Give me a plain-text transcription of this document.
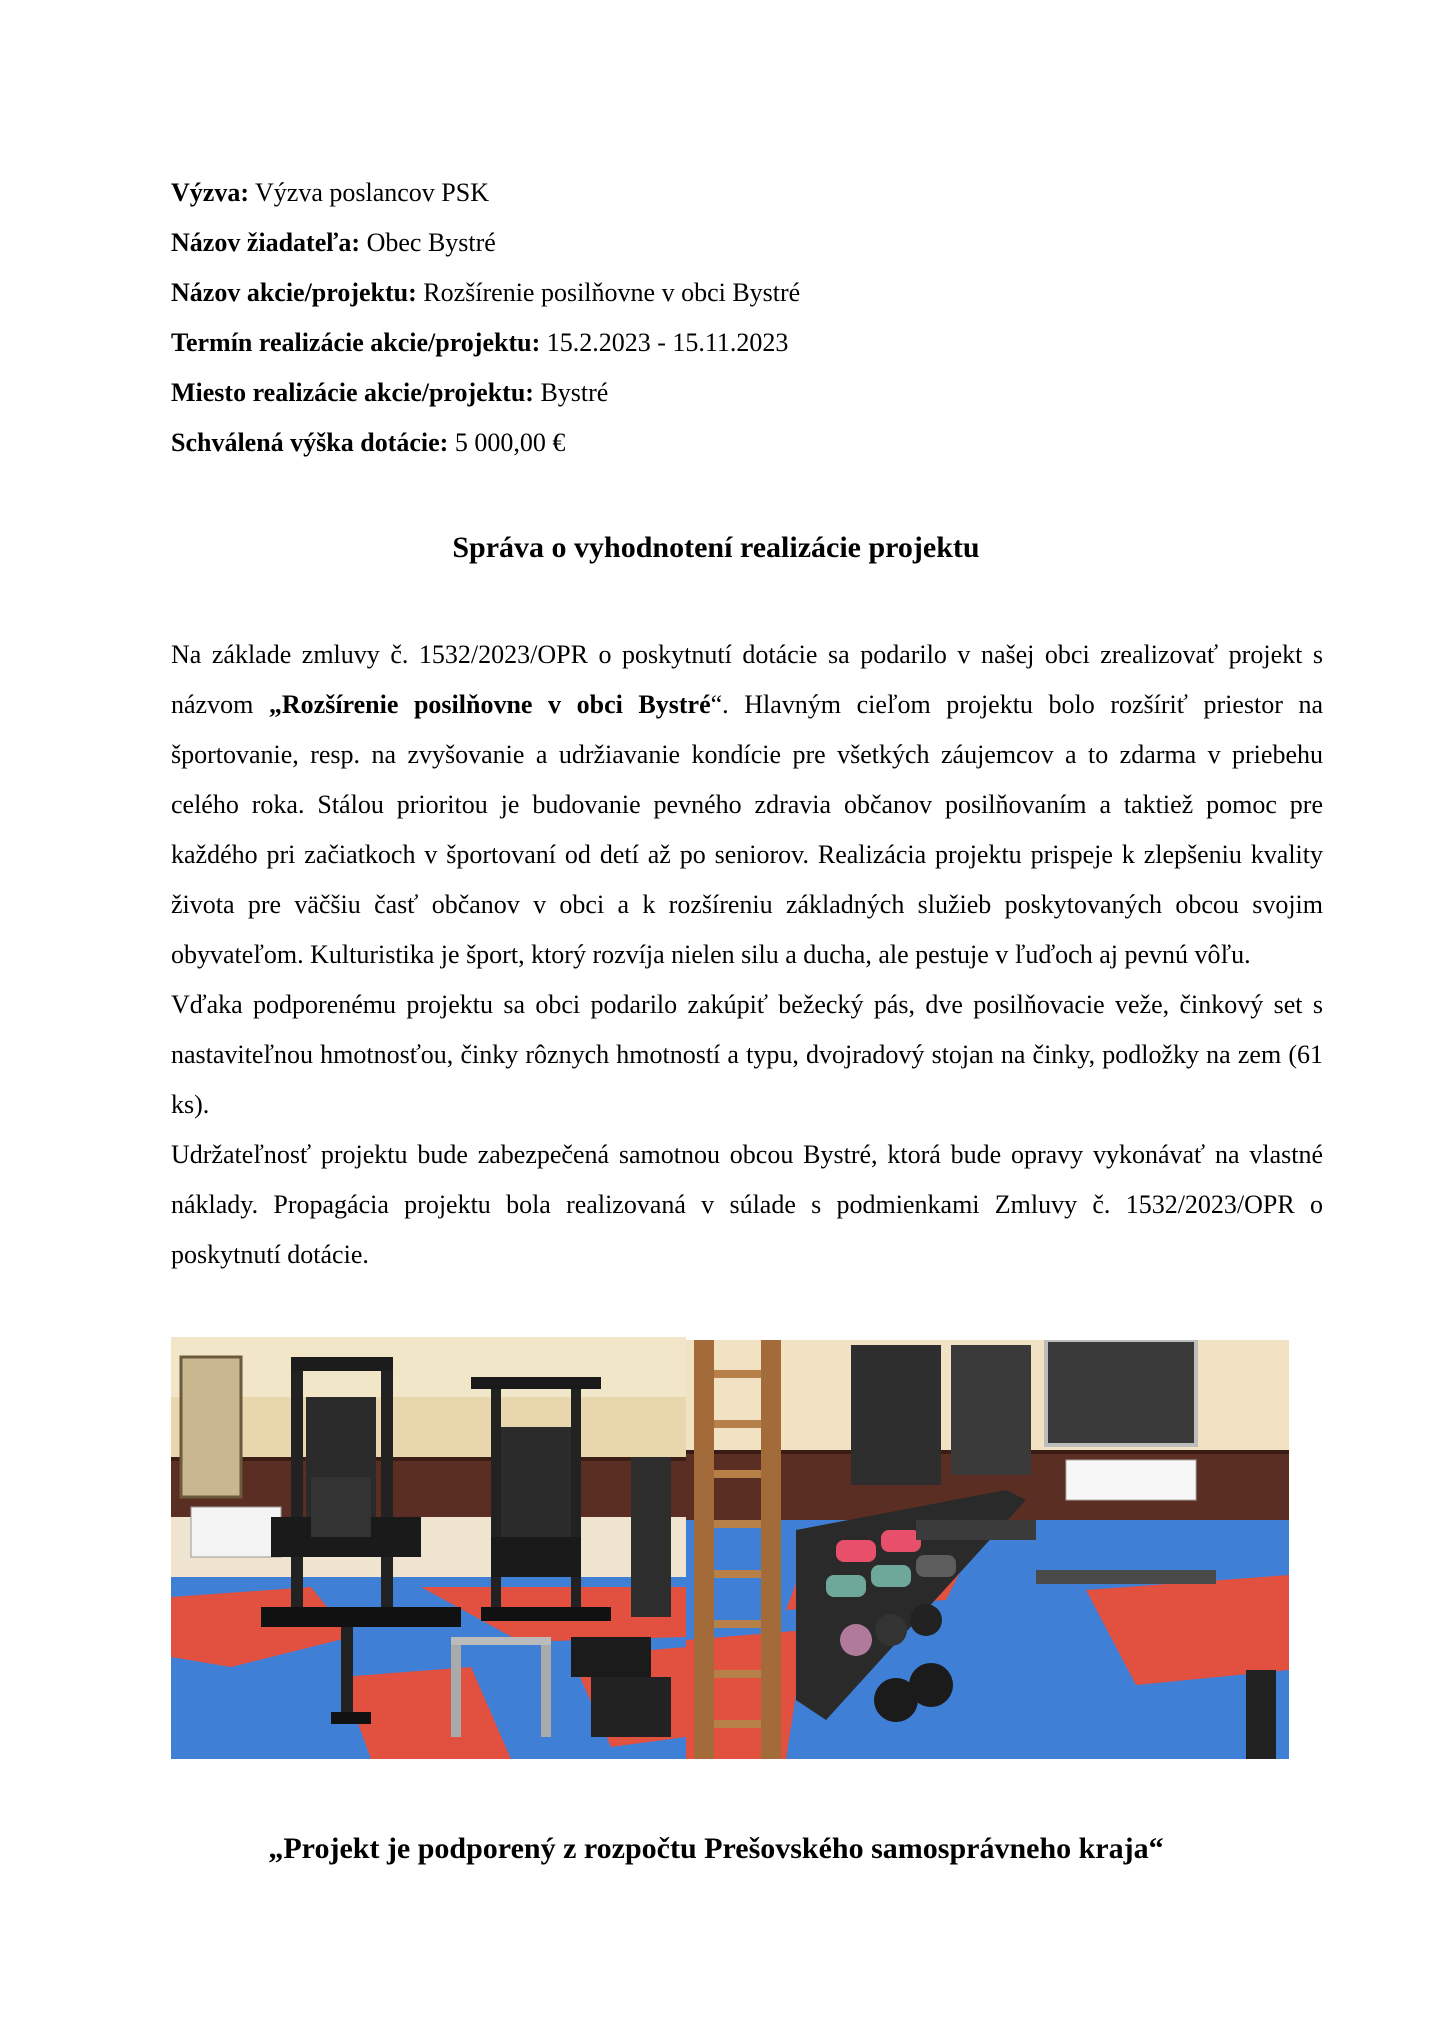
Výzva: Výzva poslancov PSK
Názov žiadateľa: Obec Bystré
Názov akcie/projektu: Rozšírenie posilňovne v obci Bystré
Termín realizácie akcie/projektu: 15.2.2023 - 15.11.2023
Miesto realizácie akcie/projektu: Bystré
Schválená výška dotácie: 5 000,00 €
Správa o vyhodnotení realizácie projektu

Na základe zmluvy č. 1532/2023/OPR o poskytnutí dotácie sa podarilo v našej obci zrealizovať projekt s názvom „Rozšírenie posilňovne v obci Bystré“. Hlavným cieľom projektu bolo rozšíriť priestor na športovanie, resp. na zvyšovanie a udržiavanie kondície pre všetkých záujemcov a to zdarma v priebehu celého roka. Stálou prioritou je budovanie pevného zdravia občanov posilňovaním a taktiež pomoc pre každého pri začiatkoch v športovaní od detí až po seniorov. Realizácia projektu prispeje k zlepšeniu kvality života pre väčšiu časť občanov v obci a k rozšíreniu základných služieb poskytovaných obcou svojim obyvateľom. Kulturistika je šport, ktorý rozvíja nielen silu a ducha, ale pestuje v ľuďoch aj pevnú vôľu.

Vďaka podporenému projektu sa obci podarilo zakúpiť bežecký pás, dve posilňovacie veže, činkový set s nastaviteľnou hmotnosťou, činky rôznych hmotností a typu, dvojradový stojan na činky, podložky na zem (61 ks).

Udržateľnosť projektu bude zabezpečená samotnou obcou Bystré, ktorá bude opravy vykonávať na vlastné náklady. Propagácia projektu bola realizovaná v súlade s podmienkami Zmluvy č. 1532/2023/OPR o poskytnutí dotácie.

„Projekt je podporený z rozpočtu Prešovského samosprávneho kraja“
